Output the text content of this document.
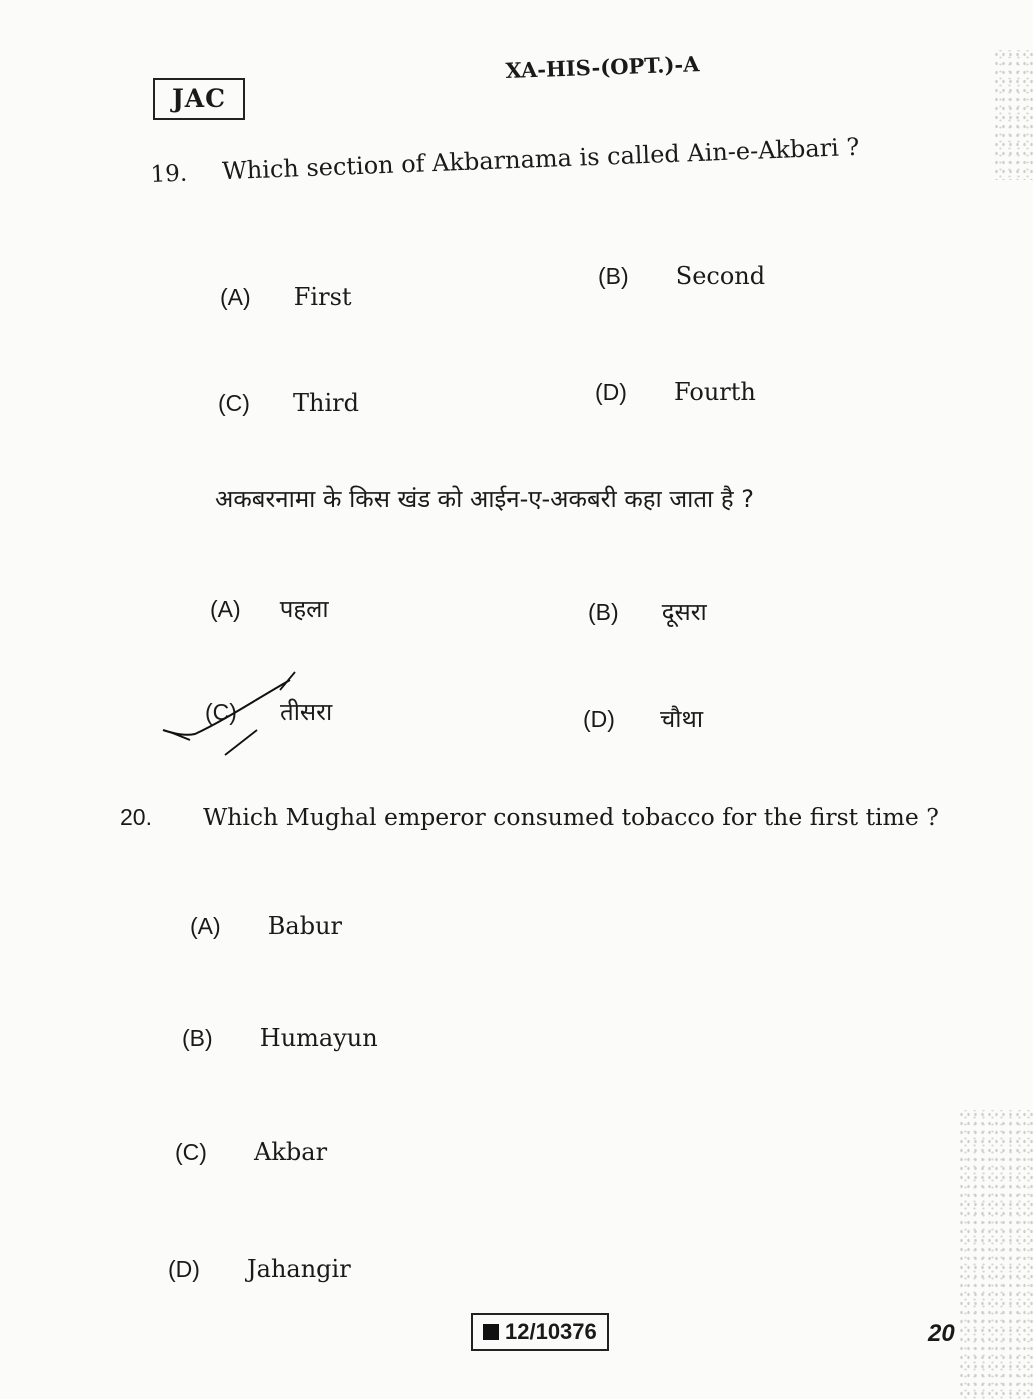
JAC
XA-HIS-(OPT.)-A
19. Which section of Akbarnama is called Ain-e-Akbari ?
(A) First
(B) Second
(C) Third	(D) Fourth
अकबरनामा के किस खंड को आईन-ए-अकबरी कहा जाता है ?
(A) पहला	(B) दूसरा
(C) तीसरा	(D) चौथा
20. Which Mughal emperor consumed tobacco for the first time ?
(A) Babur
(B) Humayun
(C) Akbar
(D) Jahangir
12/10376	20
